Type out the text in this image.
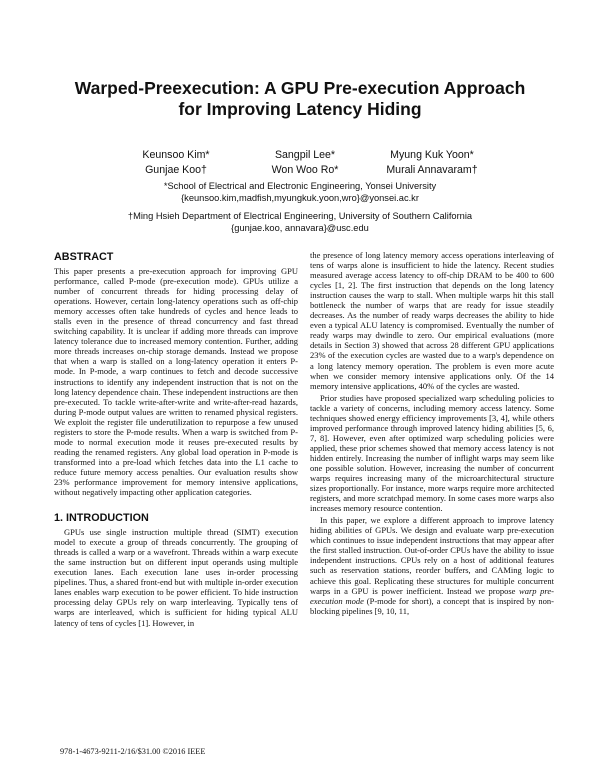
Warped-Preexecution: A GPU Pre-execution Approach
for Improving Latency Hiding
Keunsoo Kim*	Sangpil Lee*	Myung Kuk Yoon*
Gunjae Koo†	Won Woo Ro*	Murali Annavaram†

*School of Electrical and Electronic Engineering, Yonsei University

{keunsoo.kim,madfish,myungkuk.yoon,wro}@yonsei.ac.kr

†Ming Hsieh Department of Electrical Engineering, University of Southern California

{gunjae.koo, annavara}@usc.edu

ABSTRACT

This paper presents a pre-execution approach for improving GPU performance, called P-mode (pre-execution mode). GPUs utilize a number of concurrent threads for hiding processing delay of operations. However, certain long-latency operations such as off-chip memory accesses often take hundreds of cycles and hence leads to stalls even in the presence of thread concurrency and fast thread switching capability. It is unclear if adding more threads can improve latency tolerance due to increased memory contention. Further, adding more threads increases on-chip storage demands. Instead we propose that when a warp is stalled on a long-latency operation it enters P-mode. In P-mode, a warp continues to fetch and decode successive instructions to identify any independent instruction that is not on the long latency dependence chain. These independent instructions are then pre-executed. To tackle write-after-write and write-after-read hazards, during P-mode output values are written to renamed physical registers. We exploit the register file underutilization to repurpose a few unused registers to store the P-mode results. When a warp is switched from P-mode to normal execution mode it reuses pre-executed results by reading the renamed registers. Any global load operation in P-mode is transformed into a pre-load which fetches data into the L1 cache to reduce future memory access penalties. Our evaluation results show 23% performance improvement for memory intensive applications, without negatively impacting other application categories.

1. INTRODUCTION

GPUs use single instruction multiple thread (SIMT) execution model to execute a group of threads concurrently. The grouping of threads is called a warp or a wavefront. Threads within a warp execute the same instruction but on different input operands using multiple execution lanes. Each execution lane uses in-order processing pipelines. Thus, a shared front-end but with multiple in-order execution lanes enables warp execution to be power efficient. To hide instruction processing delay GPUs rely on warp interleaving. Typically tens of warps are interleaved, which is sufficient for hiding typical ALU latency of tens of cycles [1]. However, in

the presence of long latency memory access operations interleaving of tens of warps alone is insufficient to hide the latency. Recent studies measured average access latency to off-chip DRAM to be 400 to 600 cycles [1, 2]. The first instruction that depends on the long latency instruction causes the warp to stall. When multiple warps hit this stall bottleneck the number of warps that are ready for issue steadily decreases. As the number of ready warps decreases the ability to hide even a typical ALU latency is compromised. Eventually the number of ready warps may dwindle to zero. Our empirical evaluations (more details in Section 3) showed that across 28 different GPU applications 23% of the execution cycles are wasted due to a warp's dependence on a long latency memory operation. The problem is even more acute when we consider memory intensive applications only. Of the 14 memory intensive applications, 40% of the cycles are wasted.

Prior studies have proposed specialized warp scheduling policies to tackle a variety of concerns, including memory access latency. Some techniques showed energy efficiency improvements [3, 4], while others improved performance through improved latency hiding abilities [5, 6, 7, 8]. However, even after optimized warp scheduling policies were applied, these prior schemes showed that memory access latency is not hidden entirely. Increasing the number of inflight warps may seem like one possible solution. However, increasing the number of concurrent warps requires increasing many of the microarchitectural structure sizes proportionally. For instance, more warps require more architected registers, and more scratchpad memory. In some cases more warps also increases memory resource contention.

In this paper, we explore a different approach to improve latency hiding abilities of GPUs. We design and evaluate warp pre-execution which continues to issue independent instructions that may appear after the first stalled instruction. Out-of-order CPUs have the ability to issue independent instructions. CPUs rely on a host of additional features such as reservation stations, reorder buffers, and CAMing logic to achieve this goal. Replicating these structures for multiple concurrent warps in a GPU is power inefficient. Instead we propose warp pre-execution mode (P-mode for short), a concept that is inspired by non-blocking pipelines [9, 10, 11,

978-1-4673-9211-2/16/$31.00 ©2016 IEEE
